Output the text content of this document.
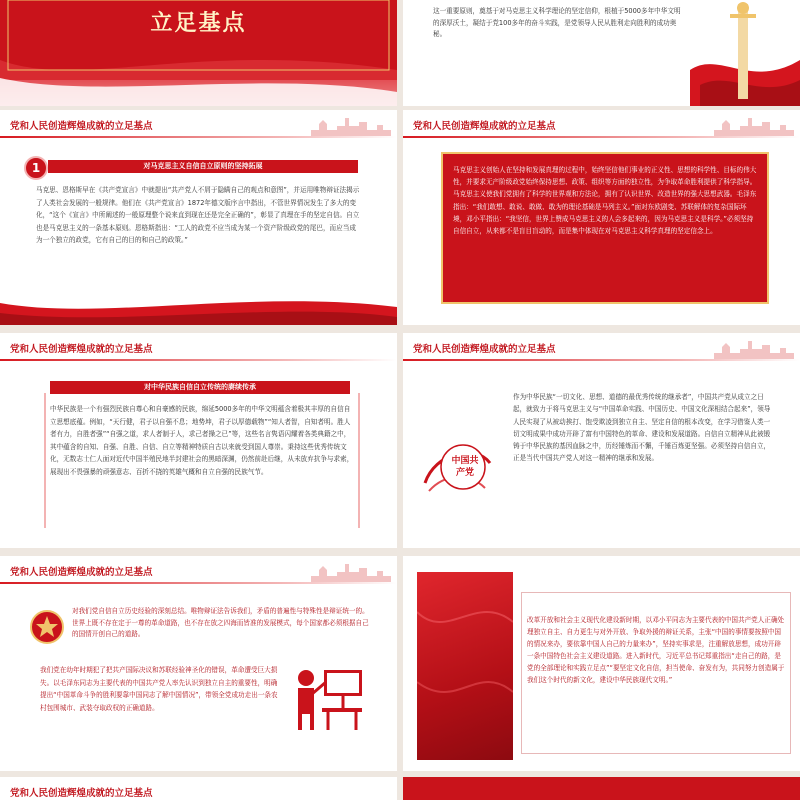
立足基点	这一重要原则，奠基于对马克思主义科学理论的坚定信仰，根植于5000多年中华文明的深厚沃土，凝结于党100多年的奋斗实践，是党领导人民从胜利走向胜利的成功奥秘。

党和人民创造辉煌成就的立足基点
1	对马克思主义自信自立原则的坚持拓展

马克思、恩格斯早在《共产党宣言》中就提出“共产党人不屑于隐瞒自己的观点和意图”，并运用唯物辩证法揭示了人类社会发展的一般规律。他们在《共产党宣言》1872年德文版序言中指出，不管世界情况发生了多大的变化，“这个《宣言》中所阐述的一般原理整个说来直到现在还是完全正确的”，彰显了真理在手的坚定自信。自立也是马克思主义的一条基本原则。恩格斯指出：“工人的政党不应当成为某一个资产阶级政党的尾巴，而应当成为一个独立的政党，它有自己的目的和自己的政策。”

党和人民创造辉煌成就的立足基点

马克思主义创始人在坚持和发展真理的过程中，始终坚信他们事业的正义性、思想的科学性、目标的伟大性，并要求无产阶级政党始终保持思想、政策、组织等方面的独立性，为争取革命胜利提供了科学指导。马克思主义使我们党拥有了科学的世界观和方法论，拥有了认识世界、改造世界的强大思想武器。毛泽东指出：“我们敢想、敢说、敢做、敢为的理论基础是马列主义。”面对东欧剧变、苏联解体的复杂国际环境，邓小平指出：“我坚信，世界上赞成马克思主义的人会多起来的，因为马克思主义是科学。”必须坚持自信自立，从来都不是盲目盲动的，而是集中体现在对马克思主义科学真理的坚定信念上。

党和人民创造辉煌成就的立足基点
对中华民族自信自立传统的赓续传承

中华民族是一个有强烈民族自尊心和自豪感的民族，绵延5000多年的中华文明蕴含着极其丰厚的自信自立思想底蕴。例如，“天行健，君子以自强不息；地势坤，君子以厚德载物”“知人者智，自知者明。胜人者有力，自胜者强”“自强之道，求人者制于人，求己者操之已”等，这些名言隽语闪耀着各类典籍之中，其中蕴含的自知、自强、自胜、自信、自立等精神特质自古以来就受到国人尊崇。秉持这些优秀传统文化，无数志士仁人面对近代中国半殖民地半封建社会的黑暗深渊，仍然前赴后继，从未放弃抗争与求索，展现出不畏强暴的顽强意志、百折不挠的英雄气概和自立自强的民族气节。

党和人民创造辉煌成就的立足基点
中国共产党

作为中华民族“一切文化、思想、道德的最优秀传统的继承者”，中国共产党从成立之日起，就致力于将马克思主义与“中国革命实践、中国历史、中国文化深相结合起来”，领导人民实现了从被动挨打、饱受欺凌到独立自主、坚定自信的根本改变，在学习借鉴人类一切文明成果中成功开辟了富有中国特色的革命、建设和发展道路。自信自立精神从此被锻铸于中华民族的基因血脉之中，历经锤炼而不懈，千锤百炼更坚强。必须坚持自信自立，正是当代中国共产党人对这一精神的继承和发展。

党和人民创造辉煌成就的立足基点

对我们党自信自立历史经验的深刻总结。唯物辩证法告诉我们，矛盾的普遍性与特殊性是辩证统一的。世界上既不存在定于一尊的革命道路，也不存在放之四海而皆准的发展模式，每个国家都必须根据自己的国情开创自己的道路。

我们党在幼年时期犯了把共产国际决议和苏联经验神圣化的错误，革命遭受巨大损失。以毛泽东同志为主要代表的中国共产党人率先认识到独立自主的重要性，明确提出“中国革命斗争的胜利要靠中国同志了解中国情况”，带领全党成功走出一条农村包围城市、武装夺取政权的正确道路。

改革开放和社会主义现代化建设新时期，以邓小平同志为主要代表的中国共产党人正确处理独立自主、自力更生与对外开放、争取外援的辩证关系，主张“中国的事情要按照中国的情况来办，要依靠中国人自己的力量来办”，坚持实事求是，注重解放思想，成功开辟一条中国特色社会主义建设道路。进入新时代，习近平总书记郑重指出“走自己的路，是党的全部理论和实践立足点”“要坚定文化自信，担当使命、奋发有为，共同努力创造属于我们这个时代的新文化，建设中华民族现代文明。”

党和人民创造辉煌成就的立足基点
